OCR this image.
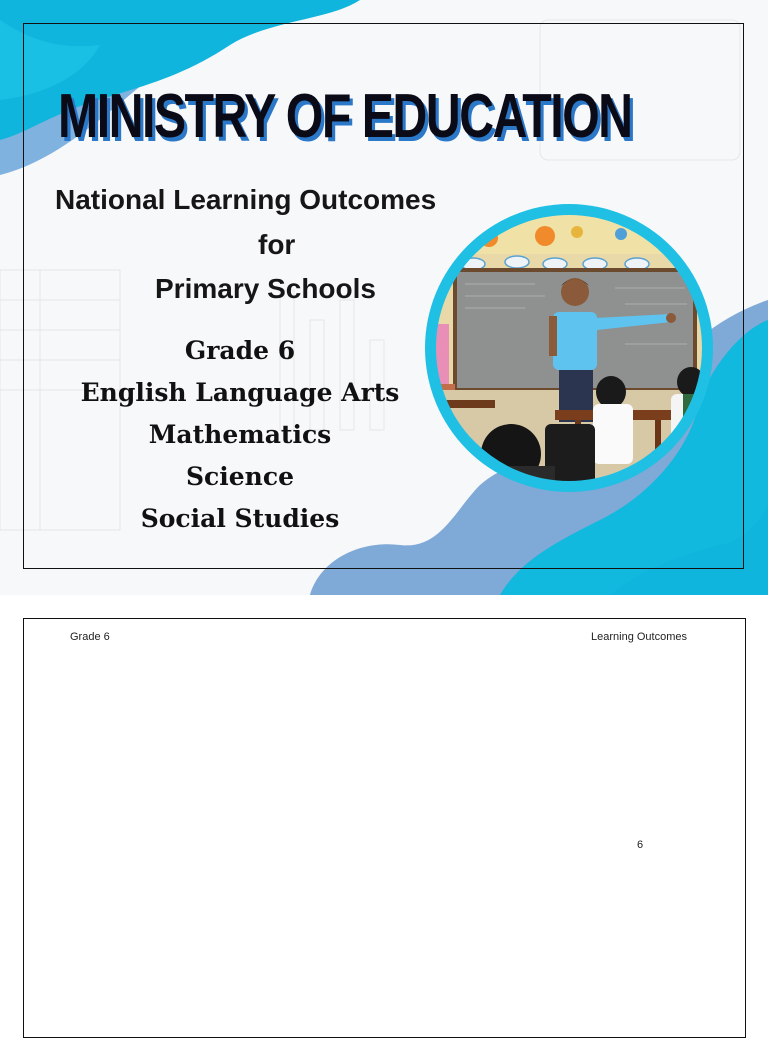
MINISTRY OF EDUCATION
National Learning Outcomes
for
Primary Schools
Grade 6
English Language Arts
Mathematics
Science
Social Studies
Grade 6	Learning Outcomes
6
